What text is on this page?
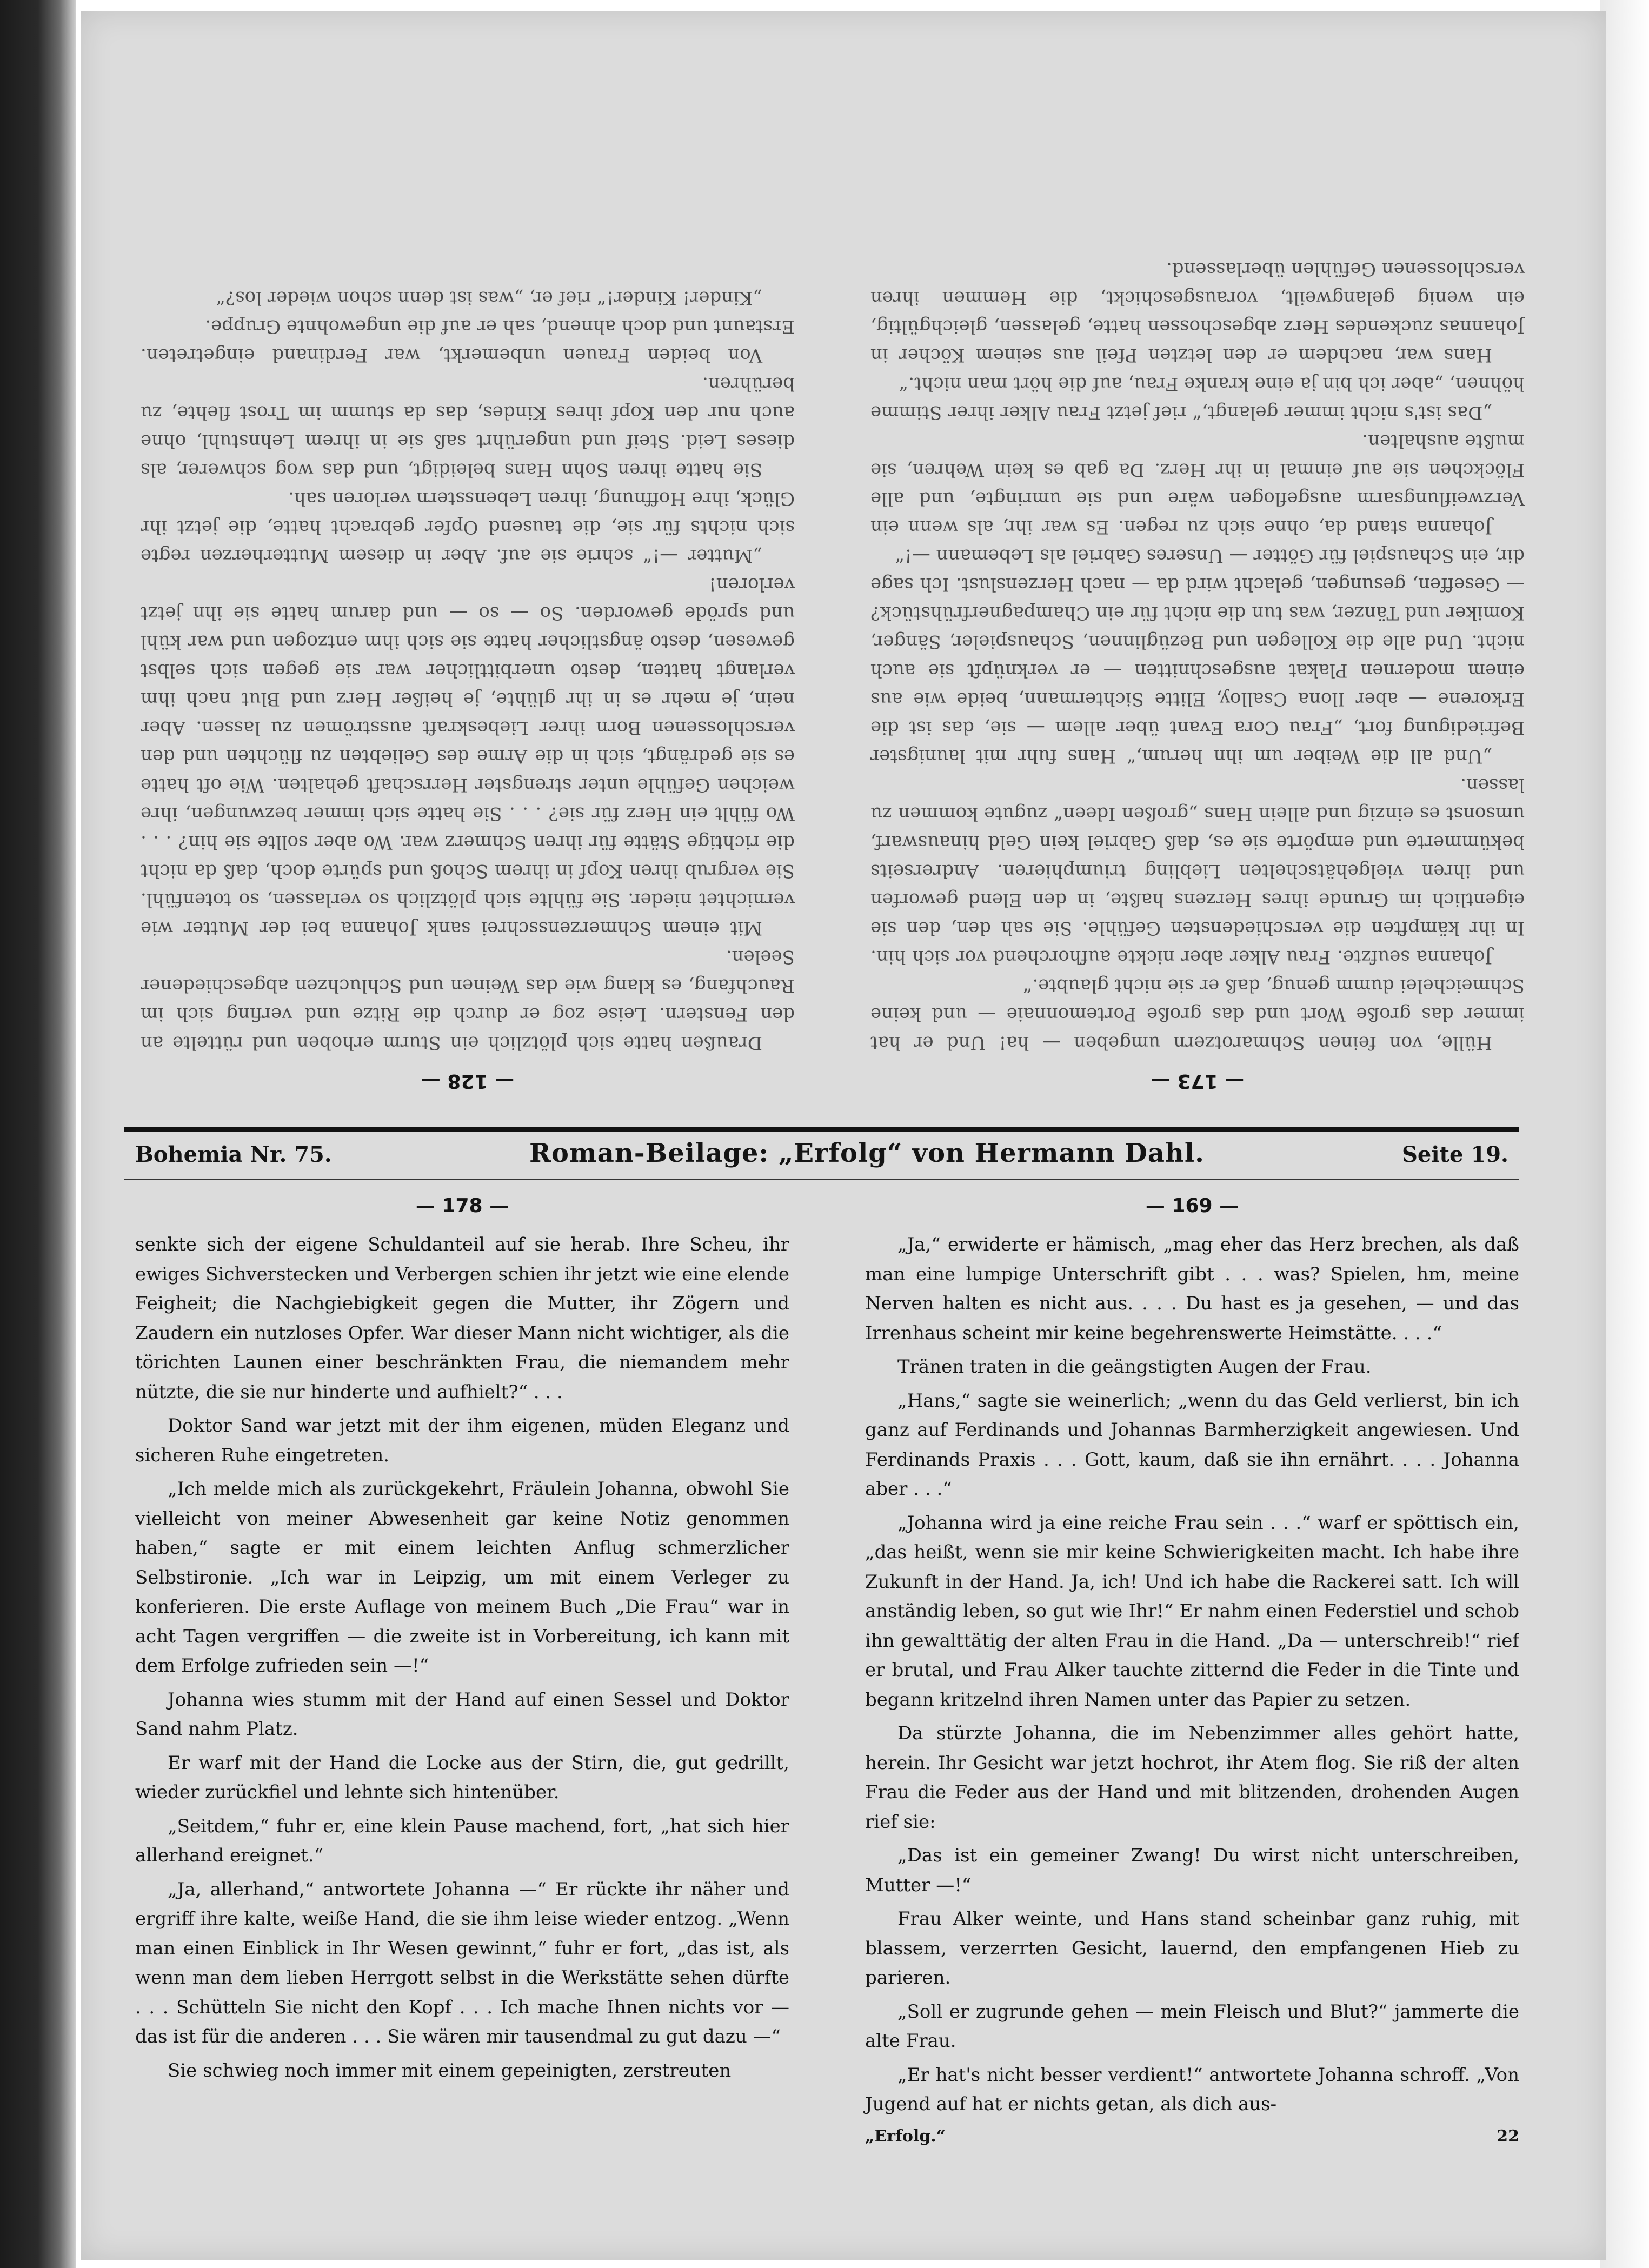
— 173 —

Hülle, von feinen Schmarotzern umgeben — ha! Und er hat immer das große Wort und das große Portemonnaie — und keine Schmeichelei dumm genug, daß er sie nicht glaubte.“

Johanna seufzte. Frau Alker aber nickte aufhorchend vor sich hin. In ihr kämpften die verschiedensten Gefühle. Sie sah den, den sie eigentlich im Grunde ihres Herzens haßte, in den Elend geworfen und ihren vielgehätschelten Liebling triumphieren. Andrerseits bekümmerte und empörte sie es, daß Gabriel kein Geld hinauswarf, umsonst es einzig und allein Hans „großen Ideen“ zugute kommen zu lassen.

„Und all die Weiber um ihn herum,“ Hans fuhr mit launigster Befriedigung fort, „Frau Cora Evant über allem — sie, das ist die Erkorene — aber Ilona Csalloy, Elitte Sichtermann, beide wie aus einem modernen Plakat ausgeschnitten — er verknüpft sie auch nicht. Und alle die Kollegen und Bezüglinnen, Schauspieler, Sänger, Komiker und Tänzer, was tun die nicht für ein Champagnerfrühstück? — Geseffen, gesungen, gelacht wird da — nach Herzenslust. Ich sage dir, ein Schauspiel für Götter — Unseres Gabriel als Lebemann —!“

Johanna stand da, ohne sich zu regen. Es war ihr, als wenn ein Verzweiflungsarm ausgeflogen wäre und sie umringte, und alle Flöckchen sie auf einmal in ihr Herz. Da gab es kein Wehren, sie mußte aushalten.

„Das ist's nicht immer gelangt,“ rief jetzt Frau Alker ihrer Stimme höhnen, „aber ich bin ja eine kranke Frau, auf die hört man nicht.“

Hans war, nachdem er den letzten Pfeil aus seinem Köcher in Johannas zuckendes Herz abgeschossen hatte, gelassen, gleichgültig, ein wenig gelangweilt, vorausgeschickt, die Hemmen ihren verschlossenen Gefühlen überlassend.

— 128 —

Draußen hatte sich plötzlich ein Sturm erhoben und rüttelte an den Fenstern. Leise zog er durch die Ritze und verfing sich im Rauchfang, es klang wie das Weinen und Schluchzen abgeschiedener Seelen.

Mit einem Schmerzensschrei sank Johanna bei der Mutter wie vernichtet nieder. Sie fühlte sich plötzlich so verlassen, so totenfühl. Sie vergrub ihren Kopf in ihrem Schoß und spürte doch, daß da nicht die richtige Stätte für ihren Schmerz war. Wo aber sollte sie hin? . . . Wo fühlt ein Herz für sie? . . . Sie hatte sich immer bezwungen, ihre weichen Gefühle unter strengster Herrschaft gehalten. Wie oft hatte es sie gedrängt, sich in die Arme des Geliebten zu flüchten und den verschlossenen Born ihrer Liebeskraft ausströmen zu lassen. Aber nein, je mehr es in ihr glühte, je heißer Herz und Blut nach ihm verlangt hatten, desto unerbittlicher war sie gegen sich selbst gewesen, desto ängstlicher hatte sie sich ihm entzogen und war kühl und spröde geworden. So — so — und darum hatte sie ihn jetzt verloren!

„Mutter —!“ schrie sie auf. Aber in diesem Mutterherzen regte sich nichts für sie, die tausend Opfer gebracht hatte, die jetzt ihr Glück, ihre Hoffnung, ihren Lebensstern verloren sah.

Sie hatte ihren Sohn Hans beleidigt, und das wog schwerer, als dieses Leid. Steif und ungerührt saß sie in ihrem Lehnstuhl, ohne auch nur den Kopf ihres Kindes, das da stumm im Trost flehte, zu berühren.

Von beiden Frauen unbemerkt, war Ferdinand eingetreten. Erstaunt und doch ahnend, sah er auf die ungewohnte Gruppe.

„Kinder! Kinder!“ rief er, „was ist denn schon wieder los?“

Bohemia Nr. 75.	Roman-Beilage: „Erfolg“ von Hermann Dahl.	Seite 19.
— 178 —

senkte sich der eigene Schuldanteil auf sie herab. Ihre Scheu, ihr ewiges Sichverstecken und Verbergen schien ihr jetzt wie eine elende Feigheit; die Nachgiebigkeit gegen die Mutter, ihr Zögern und Zaudern ein nutzloses Opfer. War dieser Mann nicht wichtiger, als die törichten Launen einer beschränkten Frau, die niemandem mehr nützte, die sie nur hinderte und aufhielt?“ . . .

Doktor Sand war jetzt mit der ihm eigenen, müden Eleganz und sicheren Ruhe eingetreten.

„Ich melde mich als zurückgekehrt, Fräulein Johanna, obwohl Sie vielleicht von meiner Abwesenheit gar keine Notiz genommen haben,“ sagte er mit einem leichten Anflug schmerzlicher Selbstironie. „Ich war in Leipzig, um mit einem Verleger zu konferieren. Die erste Auflage von meinem Buch „Die Frau“ war in acht Tagen vergriffen — die zweite ist in Vorbereitung, ich kann mit dem Erfolge zufrieden sein —!“

Johanna wies stumm mit der Hand auf einen Sessel und Doktor Sand nahm Platz.

Er warf mit der Hand die Locke aus der Stirn, die, gut gedrillt, wieder zurückfiel und lehnte sich hintenüber.

„Seitdem,“ fuhr er, eine klein Pause machend, fort, „hat sich hier allerhand ereignet.“

„Ja, allerhand,“ antwortete Johanna —“ Er rückte ihr näher und ergriff ihre kalte, weiße Hand, die sie ihm leise wieder entzog. „Wenn man einen Einblick in Ihr Wesen gewinnt,“ fuhr er fort, „das ist, als wenn man dem lieben Herrgott selbst in die Werkstätte sehen dürfte . . . Schütteln Sie nicht den Kopf . . . Ich mache Ihnen nichts vor — das ist für die anderen . . . Sie wären mir tausendmal zu gut dazu —“

Sie schwieg noch immer mit einem gepeinigten, zerstreuten

— 169 —

„Ja,“ erwiderte er hämisch, „mag eher das Herz brechen, als daß man eine lumpige Unterschrift gibt . . . was? Spielen, hm, meine Nerven halten es nicht aus. . . . Du hast es ja gesehen, — und das Irrenhaus scheint mir keine begehrenswerte Heimstätte. . . .“

Tränen traten in die geängstigten Augen der Frau.

„Hans,“ sagte sie weinerlich; „wenn du das Geld verlierst, bin ich ganz auf Ferdinands und Johannas Barmherzigkeit angewiesen. Und Ferdinands Praxis . . . Gott, kaum, daß sie ihn ernährt. . . . Johanna aber . . .“

„Johanna wird ja eine reiche Frau sein . . .“ warf er spöttisch ein, „das heißt, wenn sie mir keine Schwierigkeiten macht. Ich habe ihre Zukunft in der Hand. Ja, ich! Und ich habe die Rackerei satt. Ich will anständig leben, so gut wie Ihr!“ Er nahm einen Federstiel und schob ihn gewalttätig der alten Frau in die Hand. „Da — unterschreib!“ rief er brutal, und Frau Alker tauchte zitternd die Feder in die Tinte und begann kritzelnd ihren Namen unter das Papier zu setzen.

Da stürzte Johanna, die im Nebenzimmer alles gehört hatte, herein. Ihr Gesicht war jetzt hochrot, ihr Atem flog. Sie riß der alten Frau die Feder aus der Hand und mit blitzenden, drohenden Augen rief sie:

„Das ist ein gemeiner Zwang! Du wirst nicht unterschreiben, Mutter —!“

Frau Alker weinte, und Hans stand scheinbar ganz ruhig, mit blassem, verzerrten Gesicht, lauernd, den empfangenen Hieb zu parieren.

„Soll er zugrunde gehen — mein Fleisch und Blut?“ jammerte die alte Frau.

„Er hat's nicht besser verdient!“ antwortete Johanna schroff. „Von Jugend auf hat er nichts getan, als dich aus-

„Erfolg.“	22
